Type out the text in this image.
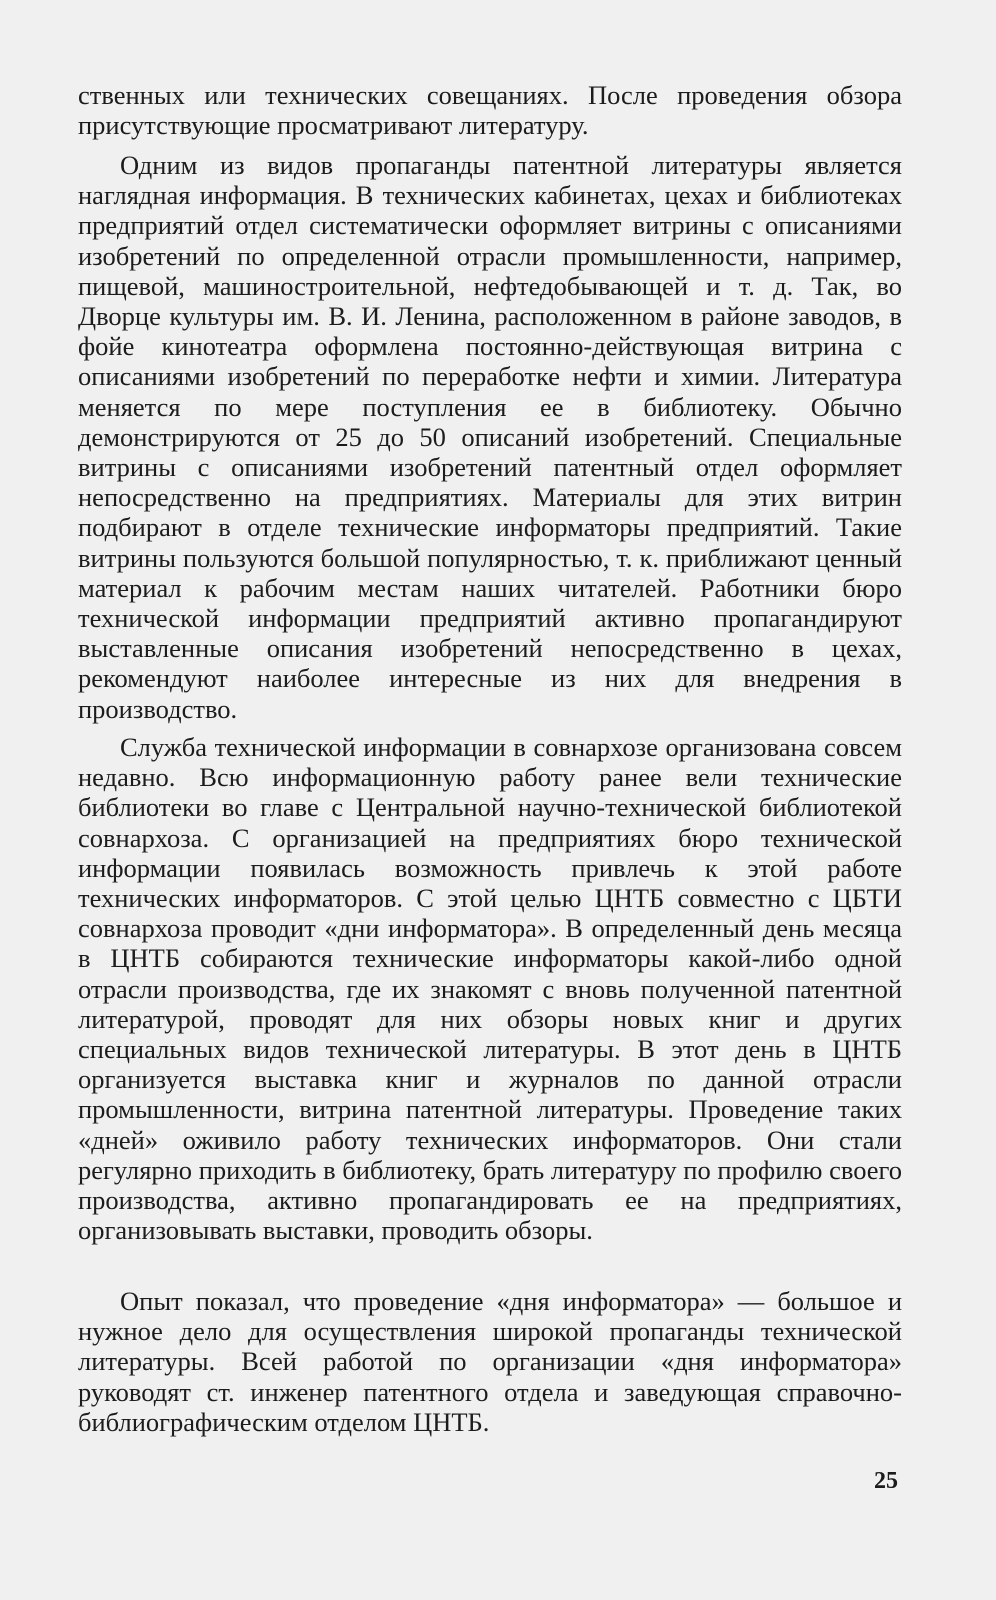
ственных или технических совещаниях. После проведения обзора присутствующие просматривают литературу.

Одним из видов пропаганды патентной литературы является наглядная информация. В технических кабинетах, цехах и библиотеках предприятий отдел систематически оформляет витрины с описаниями изобретений по определенной отрасли промышленности, например, пищевой, машиностроительной, нефтедобывающей и т. д. Так, во Дворце культуры им. В. И. Ленина, расположенном в районе заводов, в фойе кинотеатра оформлена постоянно-действующая витрина с описаниями изобретений по переработке нефти и химии. Литература меняется по мере поступления ее в библиотеку. Обычно демонстрируются от 25 до 50 описаний изобретений. Специальные витрины с описаниями изобретений патентный отдел оформляет непосредственно на предприятиях. Материалы для этих витрин подбирают в отделе технические информаторы предприятий. Такие витрины пользуются большой популярностью, т. к. приближают ценный материал к рабочим местам наших читателей. Работники бюро технической информации предприятий активно пропагандируют выставленные описания изобретений непосредственно в цехах, рекомендуют наиболее интересные из них для внедрения в производство.

Служба технической информации в совнархозе организована совсем недавно. Всю информационную работу ранее вели технические библиотеки во главе с Центральной научно-технической библиотекой совнархоза. С организацией на предприятиях бюро технической информации появилась возможность привлечь к этой работе технических информаторов. С этой целью ЦНТБ совместно с ЦБТИ совнархоза проводит «дни информатора». В определенный день месяца в ЦНТБ собираются технические информаторы какой-либо одной отрасли производства, где их знакомят с вновь полученной патентной литературой, проводят для них обзоры новых книг и других специальных видов технической литературы. В этот день в ЦНТБ организуется выставка книг и журналов по данной отрасли промышленности, витрина патентной литературы. Проведение таких «дней» оживило работу технических информаторов. Они стали регулярно приходить в библиотеку, брать литературу по профилю своего производства, активно пропагандировать ее на предприятиях, организовывать выставки, проводить обзоры.

Опыт показал, что проведение «дня информатора» — большое и нужное дело для осуществления широкой пропаганды технической литературы. Всей работой по организации «дня информатора» руководят ст. инженер патентного отдела и заведующая справочно-библиографическим отделом ЦНТБ.

25
